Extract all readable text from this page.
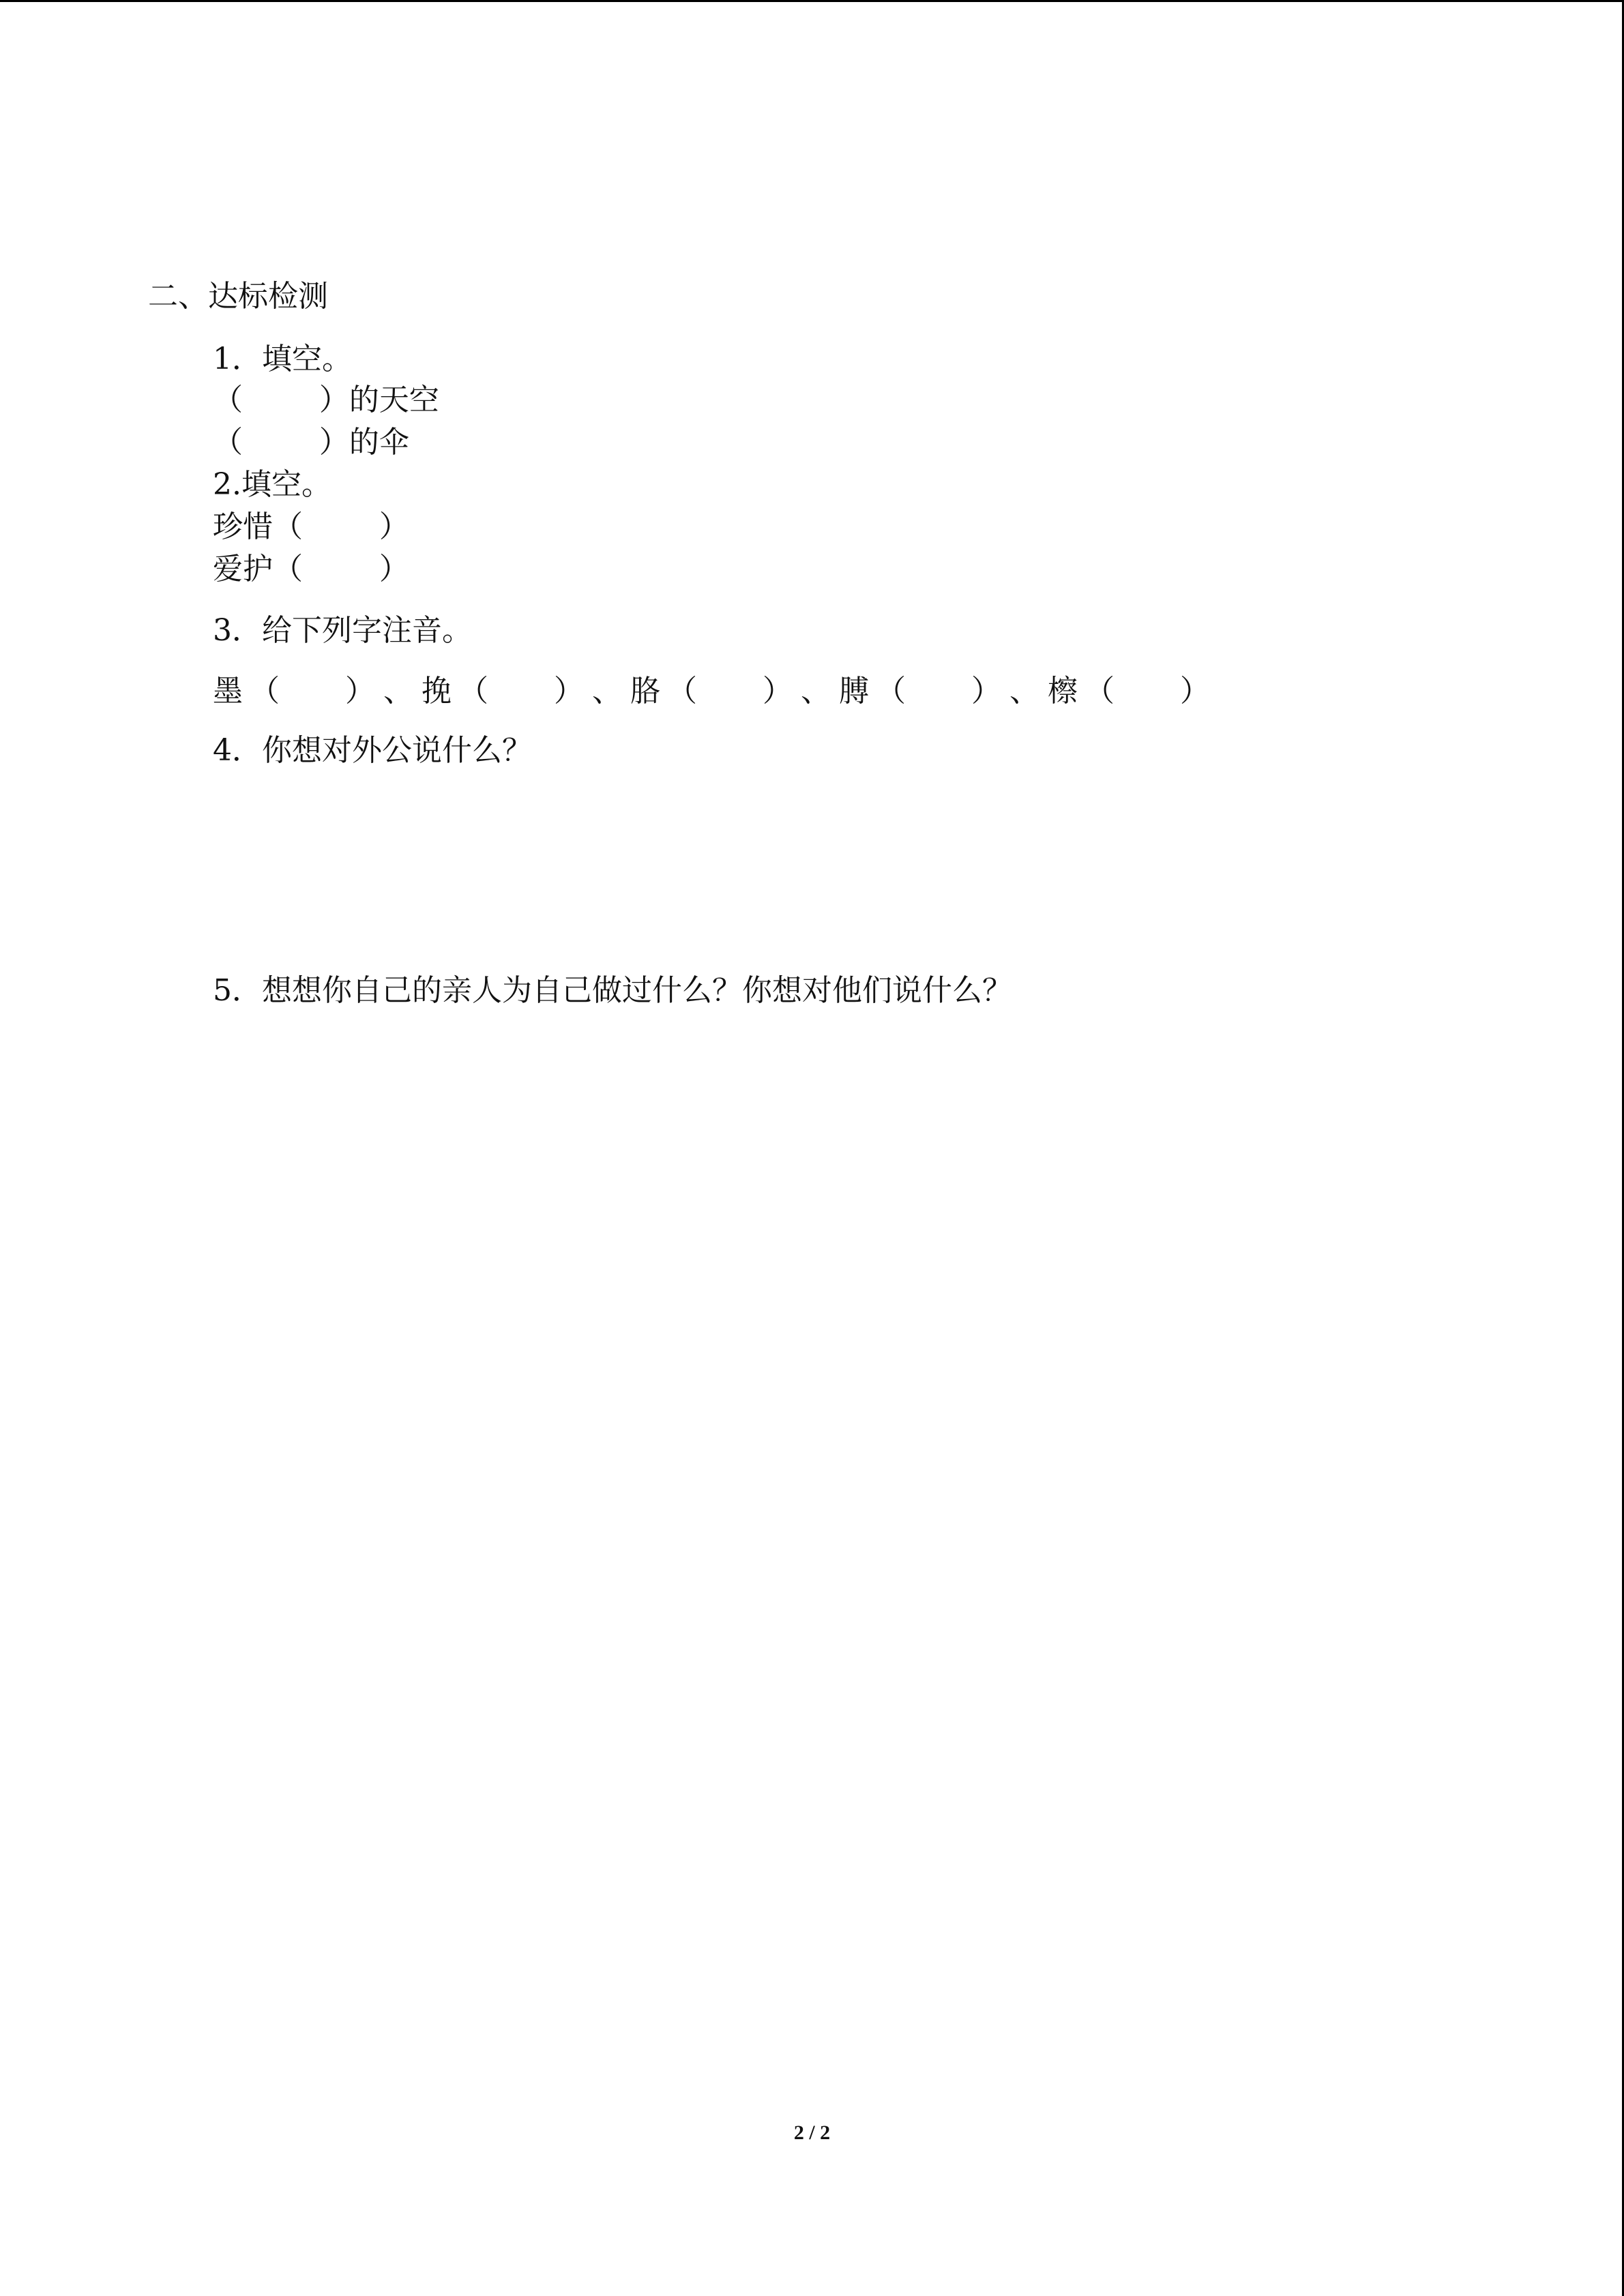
二、达标检测
1．填空。
（        ）的天空
（        ）的伞
2.填空。
珍惜（        ）
爱护（        ）
3．给下列字注音。
墨 （ ） 、 挽 （ ） 、 胳 （ ） 、 膊 （ ） 、 檫 （ ）
4．你想对外公说什么？
5．想想你自己的亲人为自己做过什么？你想对他们说什么？
2 / 2
